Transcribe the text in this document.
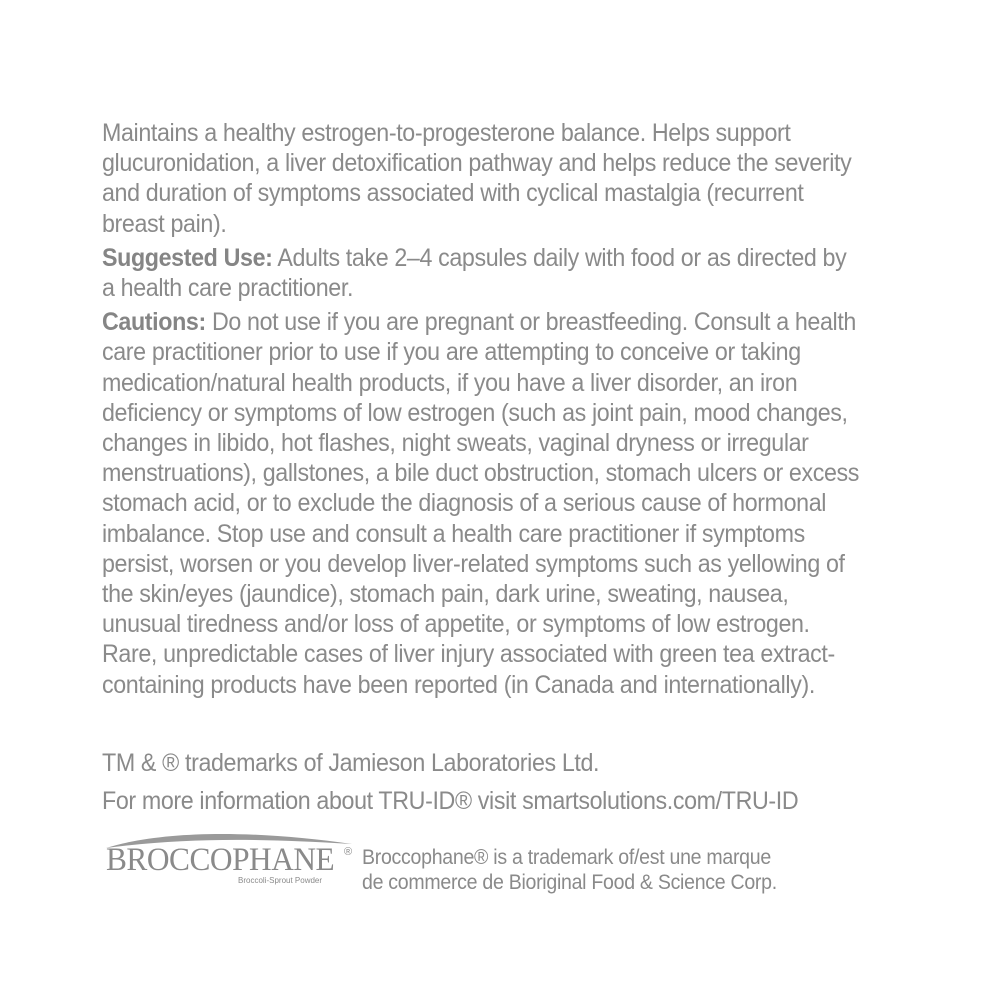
Maintains a healthy estrogen-to-progesterone balance. Helps support glucuronidation, a liver detoxification pathway and helps reduce the severity and duration of symptoms associated with cyclical mastalgia (recurrent breast pain).

Suggested Use: Adults take 2–4 capsules daily with food or as directed by a health care practitioner.

Cautions: Do not use if you are pregnant or breastfeeding. Consult a health care practitioner prior to use if you are attempting to conceive or taking medication/natural health products, if you have a liver disorder, an iron deficiency or symptoms of low estrogen (such as joint pain, mood changes, changes in libido, hot flashes, night sweats, vaginal dryness or irregular menstruations), gallstones, a bile duct obstruction, stomach ulcers or excess stomach acid, or to exclude the diagnosis of a serious cause of hormonal imbalance. Stop use and consult a health care practitioner if symptoms persist, worsen or you develop liver-related symptoms such as yellowing of the skin/eyes (jaundice), stomach pain, dark urine, sweating, nausea, unusual tiredness and/or loss of appetite, or symptoms of low estrogen. Rare, unpredictable cases of liver injury associated with green tea extract-containing products have been reported (in Canada and internationally).

TM & ® trademarks of Jamieson Laboratories Ltd.
For more information about TRU-ID® visit smartsolutions.com/TRU-ID
BROCCOPHANE ®
Broccoli-Sprout Powder
Broccophane® is a trademark of/est une marque
de commerce de Bioriginal Food & Science Corp.
